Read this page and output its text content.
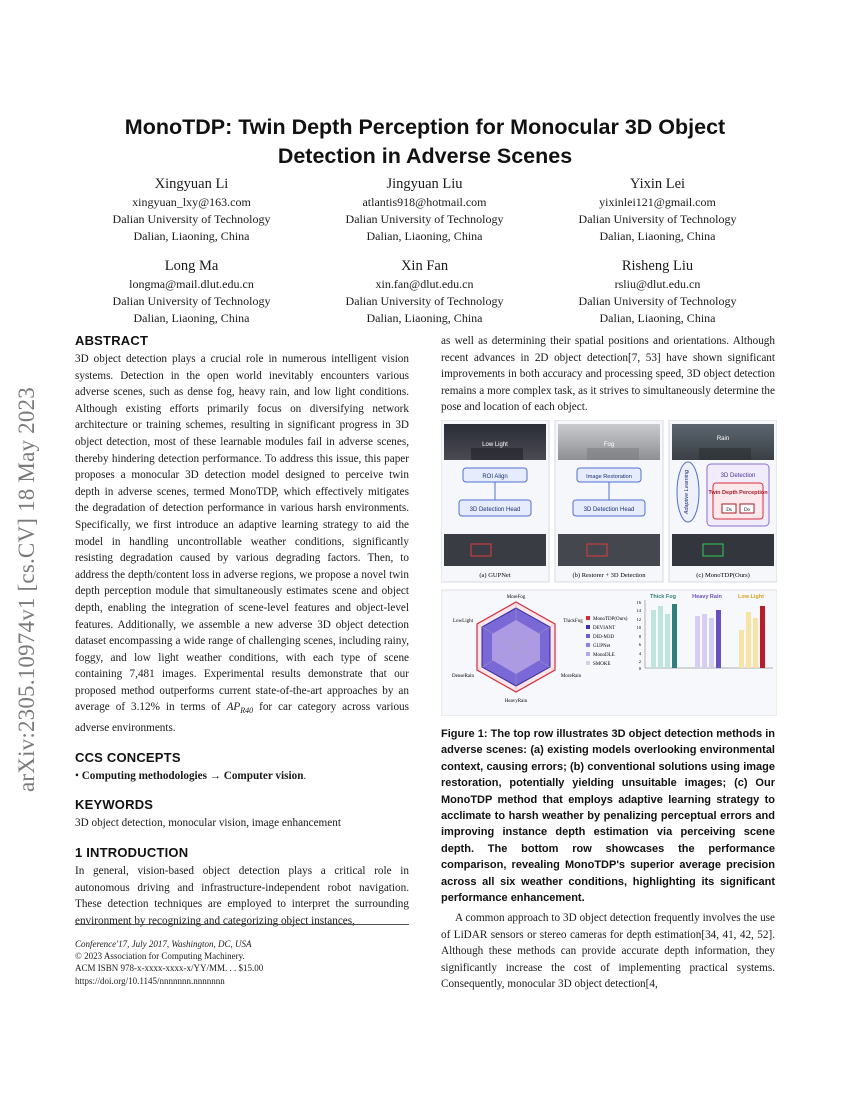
arXiv:2305.10974v1 [cs.CV] 18 May 2023
MonoTDP: Twin Depth Perception for Monocular 3D Object
Detection in Adverse Scenes
Xingyuan Li
xingyuan_lxy@163.com
Dalian University of Technology
Dalian, Liaoning, China
Jingyuan Liu
atlantis918@hotmail.com
Dalian University of Technology
Dalian, Liaoning, China
Yixin Lei
yixinlei121@gmail.com
Dalian University of Technology
Dalian, Liaoning, China
Long Ma
longma@mail.dlut.edu.cn
Dalian University of Technology
Dalian, Liaoning, China
Xin Fan
xin.fan@dlut.edu.cn
Dalian University of Technology
Dalian, Liaoning, China
Risheng Liu
rsliu@dlut.edu.cn
Dalian University of Technology
Dalian, Liaoning, China
ABSTRACT
3D object detection plays a crucial role in numerous intelligent vision systems. Detection in the open world inevitably encounters various adverse scenes, such as dense fog, heavy rain, and low light conditions. Although existing efforts primarily focus on diversifying network architecture or training schemes, resulting in significant progress in 3D object detection, most of these learnable modules fail in adverse scenes, thereby hindering detection performance. To address this issue, this paper proposes a monocular 3D detection model designed to perceive twin depth in adverse scenes, termed MonoTDP, which effectively mitigates the degradation of detection performance in various harsh environments. Specifically, we first introduce an adaptive learning strategy to aid the model in handling uncontrollable weather conditions, significantly resisting degradation caused by various degrading factors. Then, to address the depth/content loss in adverse regions, we propose a novel twin depth perception module that simultaneously estimates scene and object depth, enabling the integration of scene-level features and object-level features. Additionally, we assemble a new adverse 3D object detection dataset encompassing a wide range of challenging scenes, including rainy, foggy, and low light weather conditions, with each type of scene containing 7,481 images. Experimental results demonstrate that our proposed method outperforms current state-of-the-art approaches by an average of 3.12% in terms of $AP_{R40}$ for car category across various adverse environments.
CCS CONCEPTS
• Computing methodologies → Computer vision.
KEYWORDS
3D object detection, monocular vision, image enhancement
1 INTRODUCTION
In general, vision-based object detection plays a critical role in autonomous driving and infrastructure-independent robot navigation. These detection techniques are employed to interpret the surrounding environment by recognizing and categorizing object instances,
as well as determining their spatial positions and orientations. Although recent advances in 2D object detection[7, 53] have shown significant improvements in both accuracy and processing speed, 3D object detection remains a more complex task, as it strives to simultaneously determine the pose and location of each object.
Low Light	Fog
Rain
ROI Align
3D Detection Head
Image Restoration
3D Detection Head	Adaptive Learning	3D Detection
Twin Depth Perception
Ds Do
(a) GUPNet	(b) Restorer + 3D Detection	(c) MonoTDP(Ours)
MoreFog
ThickFog
MoreRain
HeavyRain
DenseRain
LowLight	MonoTDP(Ours)
DEVIANT
DID-M3D
GUPNet
MonoDLE
SMOKE
16
14
12
10
8
6
4
2
0
Thick Fog	Heavy Rain	Low Light
Figure 1: The top row illustrates 3D object detection methods in adverse scenes: (a) existing models overlooking environmental context, causing errors; (b) conventional solutions using image restoration, potentially yielding unsuitable images; (c) Our MonoTDP method that employs adaptive learning strategy to acclimate to harsh weather by penalizing perceptual errors and improving instance depth estimation via perceiving scene depth. The bottom row showcases the performance comparison, revealing MonoTDP's superior average precision across all six weather conditions, highlighting its significant performance enhancement.
A common approach to 3D object detection frequently involves the use of LiDAR sensors or stereo cameras for depth estimation[34, 41, 42, 52]. Although these methods can provide accurate depth information, they significantly increase the cost of implementing practical systems. Consequently, monocular 3D object detection[4,
Conference'17, July 2017, Washington, DC, USA
© 2023 Association for Computing Machinery.
ACM ISBN 978-x-xxxx-xxxx-x/YY/MM. . . $15.00
https://doi.org/10.1145/nnnnnnn.nnnnnnn
